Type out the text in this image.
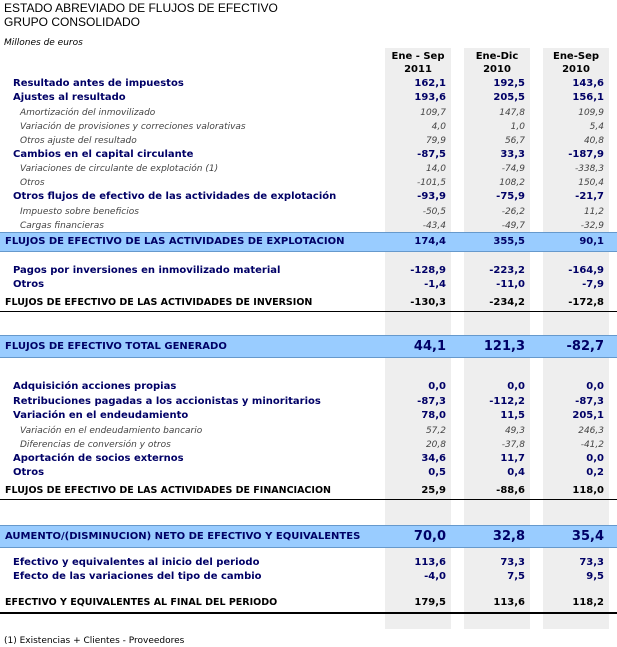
ESTADO ABREVIADO DE FLUJOS DE EFECTIVO
GRUPO CONSOLIDADO
Millones de euros
Ene - Sep
2011
Ene-Dic
2010
Ene-Sep
2010
Resultado antes de impuestos	162,1	192,5	143,6
Ajustes al resultado	193,6	205,5	156,1
Amortización del inmovilizado	109,7	147,8	109,9
Variación de provisiones y correciones valorativas	4,0	1,0	5,4
Otros ajuste del resultado	79,9	56,7	40,8
Cambios en el capital circulante	-87,5	33,3	-187,9
Variaciones de circulante de explotación (1)	14,0	-74,9	-338,3
Otros	-101,5	108,2	150,4
Otros flujos de efectivo de las actividades de explotación	-93,9	-75,9	-21,7
Impuesto sobre beneficios	-50,5	-26,2	11,2
Cargas financieras	-43,4	-49,7	-32,9
FLUJOS DE EFECTIVO DE LAS ACTIVIDADES DE EXPLOTACION	174,4	355,5	90,1
Pagos por inversiones en inmovilizado material	-128,9	-223,2	-164,9
Otros	-1,4	-11,0	-7,9
FLUJOS DE EFECTIVO DE LAS ACTIVIDADES DE INVERSION	-130,3	-234,2	-172,8
FLUJOS DE EFECTIVO TOTAL GENERADO	44,1	121,3	-82,7
Adquisición acciones propias	0,0	0,0	0,0
Retribuciones pagadas a los accionistas y minoritarios	-87,3	-112,2	-87,3
Variación en el endeudamiento	78,0	11,5	205,1
Variación en el endeudamiento bancario	57,2	49,3	246,3
Diferencias de conversión y otros	20,8	-37,8	-41,2
Aportación de socios externos	34,6	11,7	0,0
Otros	0,5	0,4	0,2
FLUJOS DE EFECTIVO DE LAS ACTIVIDADES DE FINANCIACION	25,9	-88,6	118,0
AUMENTO/(DISMINUCION) NETO DE EFECTIVO Y EQUIVALENTES	70,0	32,8	35,4
Efectivo y equivalentes al inicio del periodo	113,6	73,3	73,3
Efecto de las variaciones del tipo de cambio	-4,0	7,5	9,5
EFECTIVO Y EQUIVALENTES AL FINAL DEL PERIODO	179,5	113,6	118,2
(1) Existencias + Clientes - Proveedores
